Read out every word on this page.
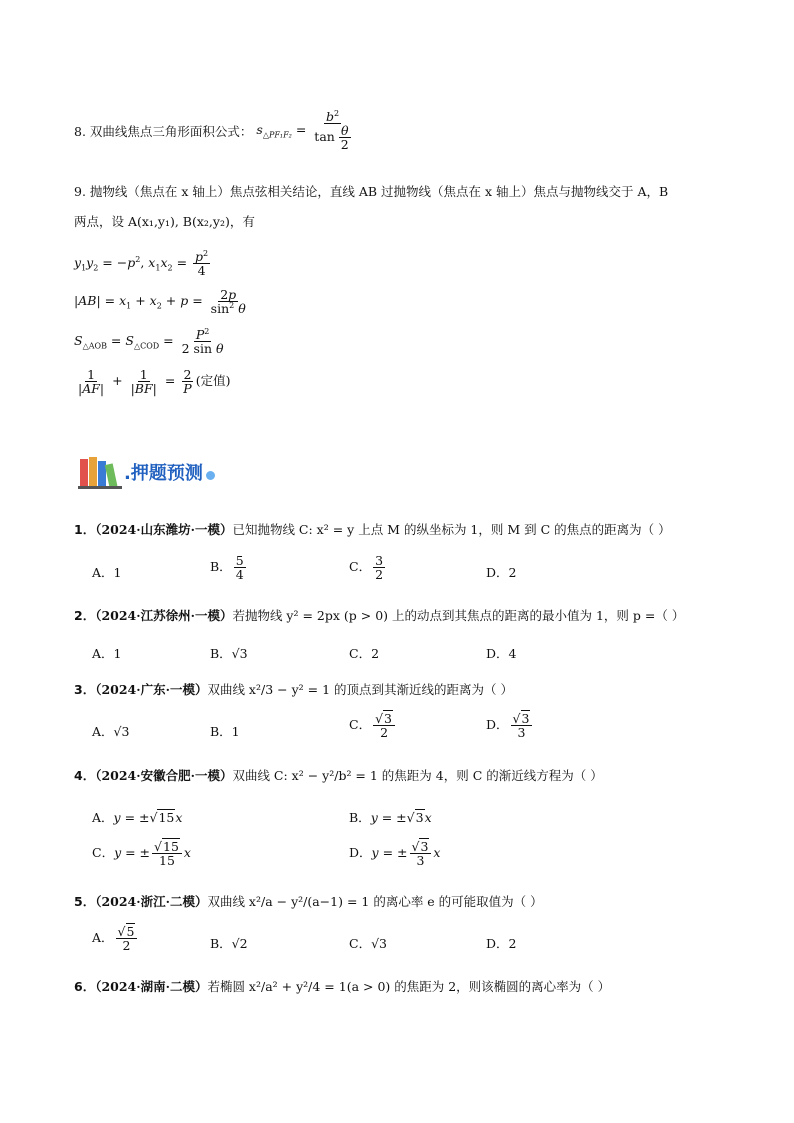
8. 双曲线焦点三角形面积公式： $s_{\triangle PF_1F_2} = \frac{b^2}{\tan \frac{\theta}{2}}$
9. 抛物线（焦点在 x 轴上）焦点弦相关结论，直线 AB 过抛物线（焦点在 x 轴上）焦点与抛物线交于 A，B
两点，设 A(x₁,y₁), B(x₂,y₂)，有
$y_1y_2 = -p^2$, $x_1x_2 = \frac{p^2}{4}$
$|AB| = x_1 + x_2 + p = \frac{2p}{\sin^2 \theta}$
$S_{\triangle AOB} = S_{\triangle COD} = \frac{P^2}{\text{2 sin θ}}$
$\frac{1}{|AF|} + \frac{1}{|BF|} = \frac{2}{P}$ (定值)
.押题预测
1．（2024·山东潍坊·一模）已知抛物线 C: x² = y 上点 M 的纵坐标为 1，则 M 到 C 的焦点的距离为（ ）
A．1	B． $\frac{5}{4}$	C． $\frac{3}{2}$	D．2
2．（2024·江苏徐州·一模）若抛物线 y² = 2px (p > 0) 上的动点到其焦点的距离的最小值为 1，则 p =（ ）
A．1	B．√3	C．2	D．4
3．（2024·广东·一模）双曲线 x²/3 − y² = 1 的顶点到其渐近线的距离为（ ）
A．√3	B．1	C． $\frac{√3}{2}$	D． $\frac{√3}{3}$
4．（2024·安徽合肥·一模）双曲线 C: x² − y²/b² = 1 的焦距为 4，则 C 的渐近线方程为（ ）
A．y = ±√15x	B．y = ±√3x
C．y = ± $\frac{√15}{15}$ x	D．y = ± $\frac{√3}{3}$ x
5．（2024·浙江·二模）双曲线 x²/a − y²/(a−1) = 1 的离心率 e 的可能取值为（ ）
A． $\frac{√5}{2}$	B．√2	C．√3	D．2
6．（2024·湖南·二模）若椭圆 x²/a² + y²/4 = 1(a > 0) 的焦距为 2，则该椭圆的离心率为（ ）
